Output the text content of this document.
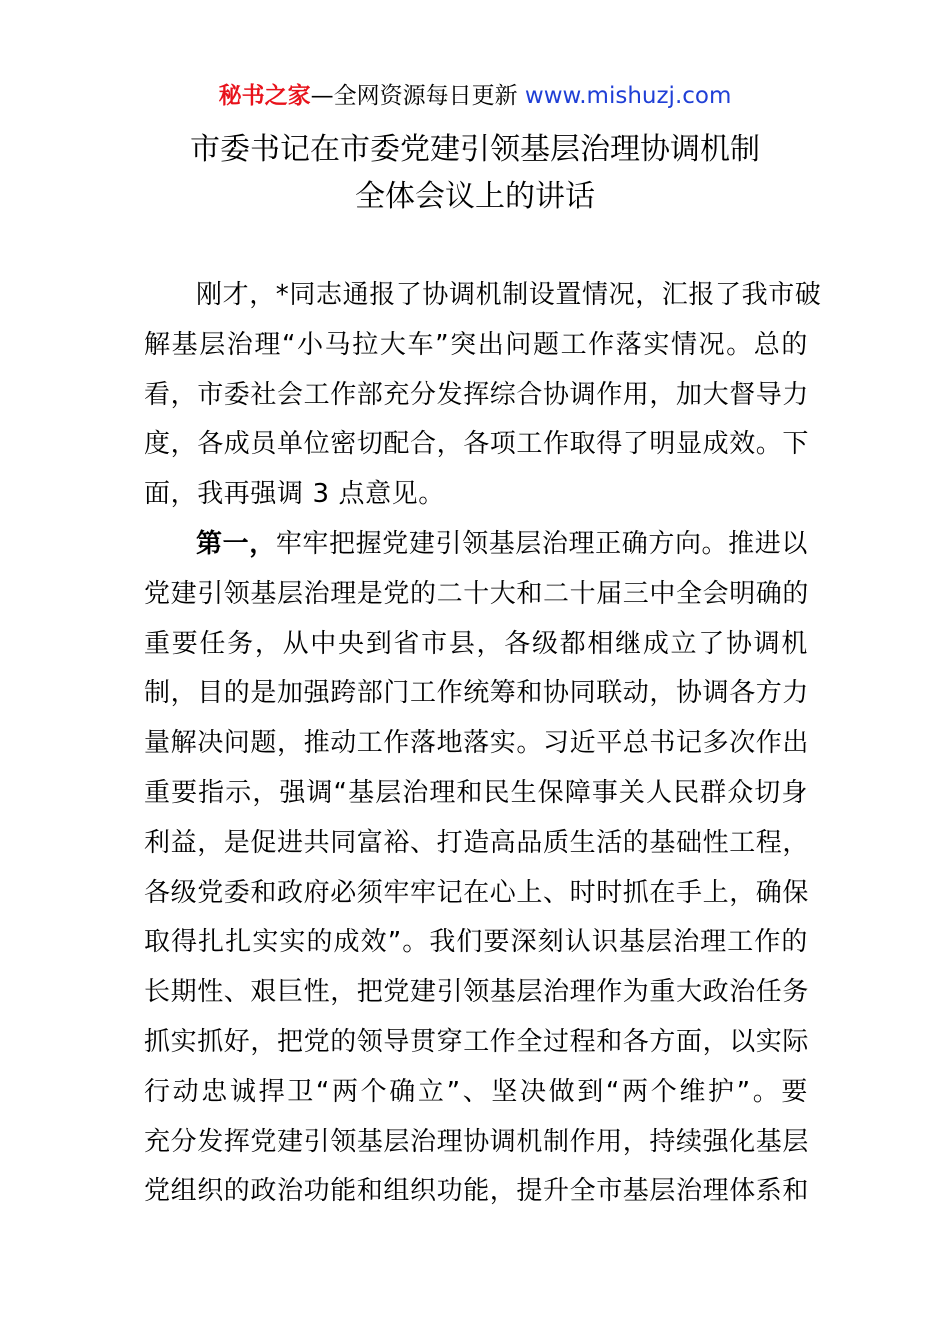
秘书之家—全网资源每日更新 www.mishuzj.com
市委书记在市委党建引领基层治理协调机制
全体会议上的讲话
刚才，*同志通报了协调机制设置情况，汇报了我市破
解基层治理“小马拉大车”突出问题工作落实情况。总的
看，市委社会工作部充分发挥综合协调作用，加大督导力
度，各成员单位密切配合，各项工作取得了明显成效。下
面，我再强调 3 点意见。
第一，牢牢把握党建引领基层治理正确方向。推进以
党建引领基层治理是党的二十大和二十届三中全会明确的
重要任务，从中央到省市县，各级都相继成立了协调机
制，目的是加强跨部门工作统筹和协同联动，协调各方力
量解决问题，推动工作落地落实。习近平总书记多次作出
重要指示，强调“基层治理和民生保障事关人民群众切身
利益，是促进共同富裕、打造高品质生活的基础性工程，
各级党委和政府必须牢牢记在心上、时时抓在手上，确保
取得扎扎实实的成效”。我们要深刻认识基层治理工作的
长期性、艰巨性，把党建引领基层治理作为重大政治任务
抓实抓好，把党的领导贯穿工作全过程和各方面，以实际
行动忠诚捍卫“两个确立”、坚决做到“两个维护”。要
充分发挥党建引领基层治理协调机制作用，持续强化基层
党组织的政治功能和组织功能，提升全市基层治理体系和
